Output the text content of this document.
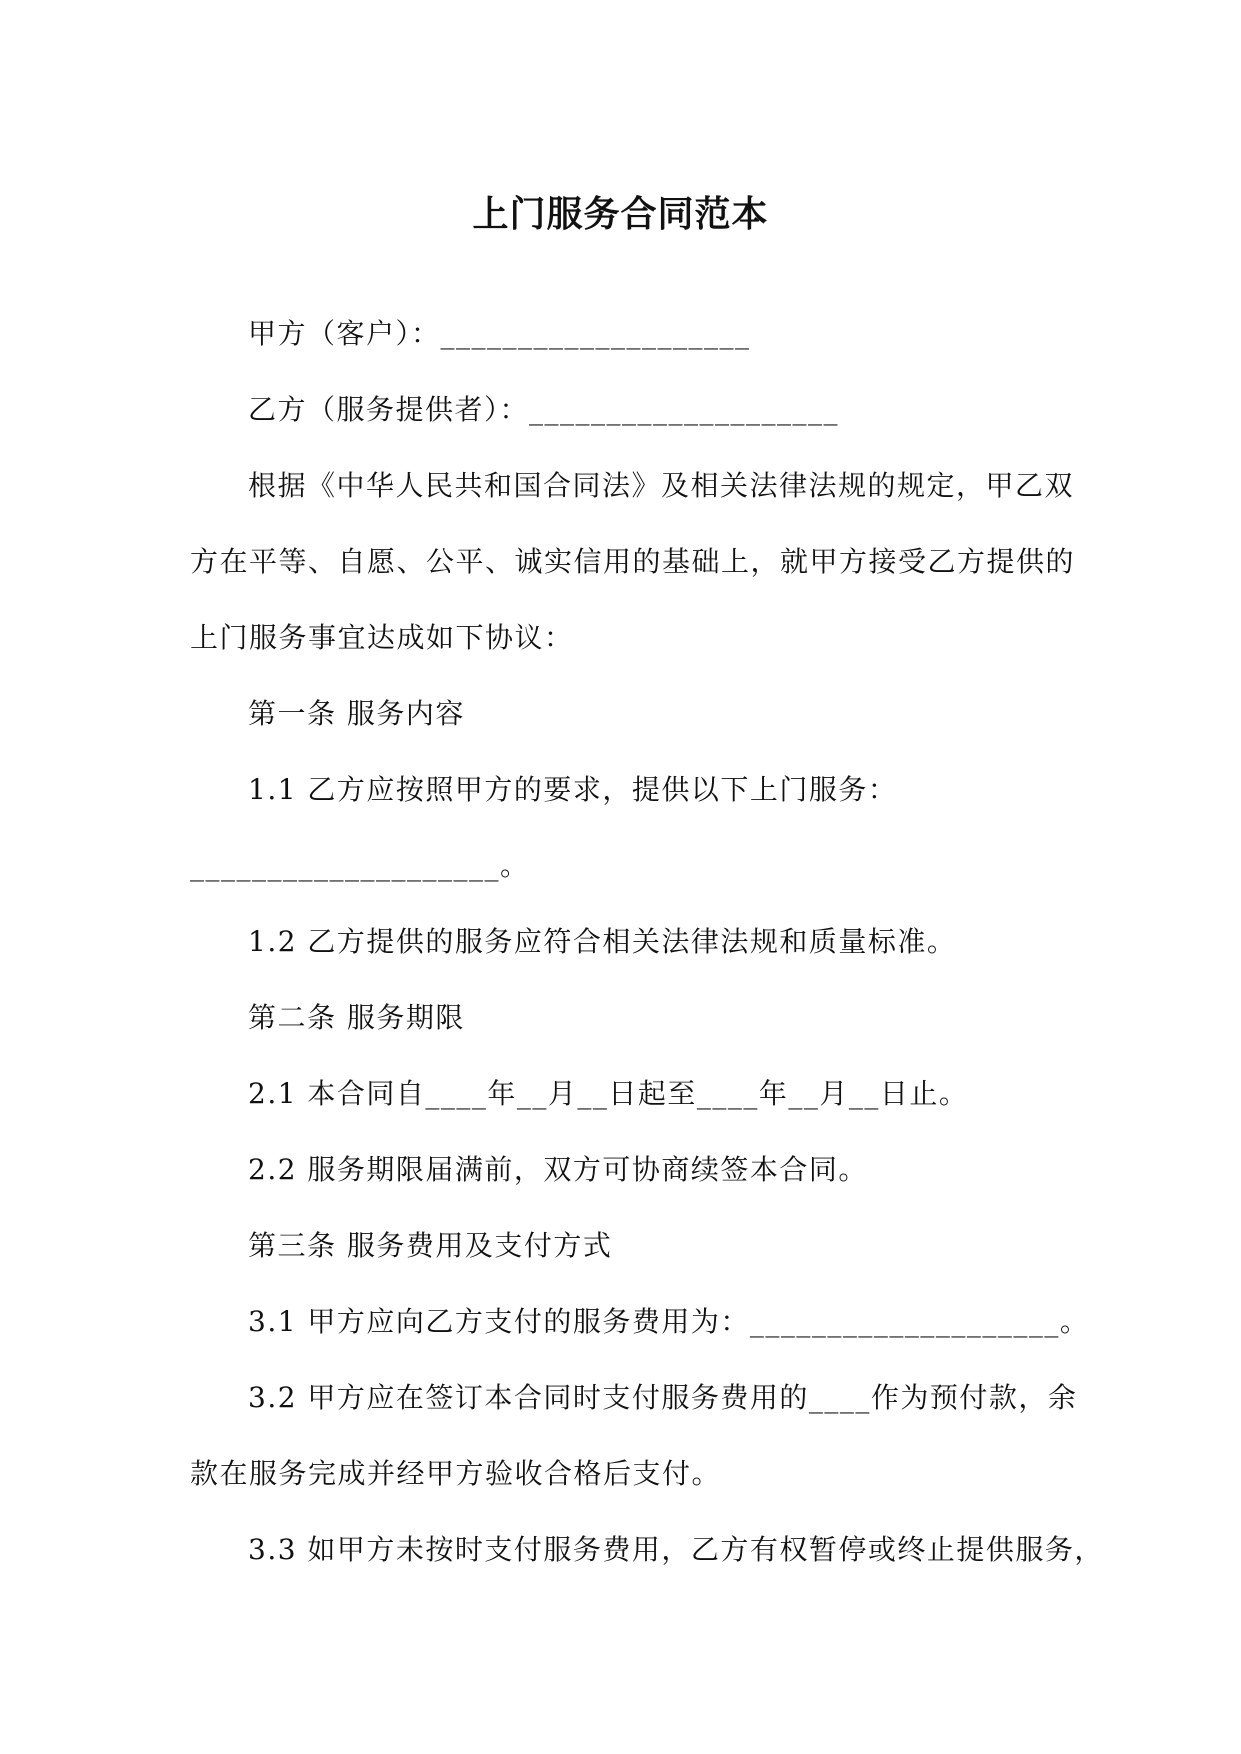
上门服务合同范本
甲方（客户）：____________________
乙方（服务提供者）：____________________
根据《中华人民共和国合同法》及相关法律法规的规定，甲乙双
方在平等、自愿、公平、诚实信用的基础上，就甲方接受乙方提供的
上门服务事宜达成如下协议：
第一条 服务内容
1.1 乙方应按照甲方的要求，提供以下上门服务：
____________________。
1.2 乙方提供的服务应符合相关法律法规和质量标准。
第二条 服务期限
2.1 本合同自____年__月__日起至____年__月__日止。
2.2 服务期限届满前，双方可协商续签本合同。
第三条 服务费用及支付方式
3.1 甲方应向乙方支付的服务费用为：____________________。
3.2 甲方应在签订本合同时支付服务费用的____作为预付款，余
款在服务完成并经甲方验收合格后支付。
3.3 如甲方未按时支付服务费用，乙方有权暂停或终止提供服务，
